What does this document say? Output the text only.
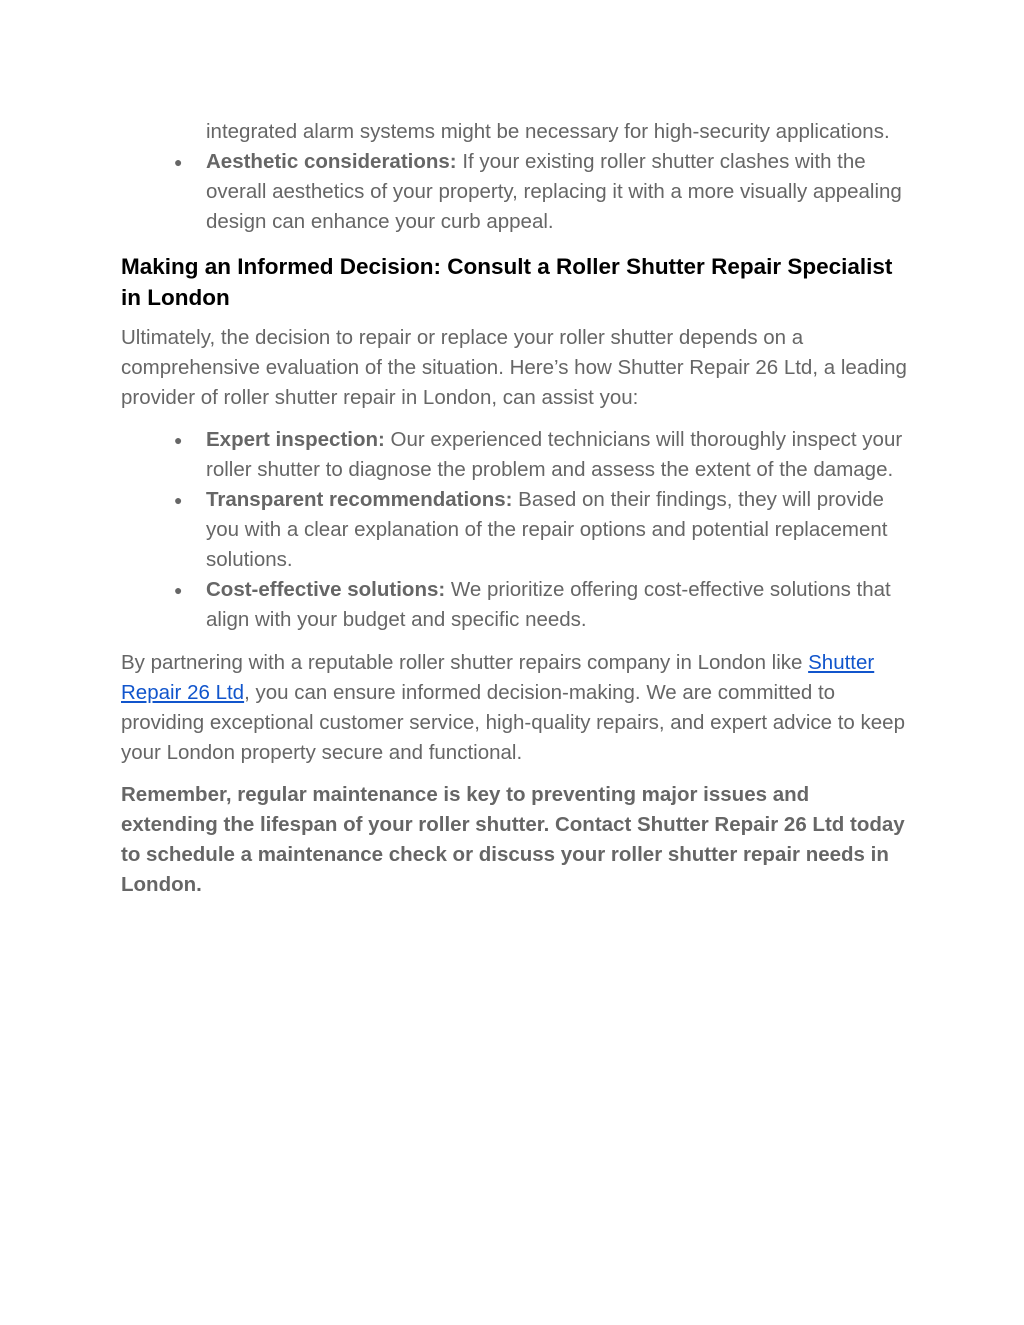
integrated alarm systems might be necessary for high-security applications.

● Aesthetic considerations: If your existing roller shutter clashes with the overall aesthetics of your property, replacing it with a more visually appealing design can enhance your curb appeal.
Making an Informed Decision: Consult a Roller Shutter Repair Specialist in London

Ultimately, the decision to repair or replace your roller shutter depends on a comprehensive evaluation of the situation. Here’s how Shutter Repair 26 Ltd, a leading provider of roller shutter repair in London, can assist you:

● Expert inspection: Our experienced technicians will thoroughly inspect your roller shutter to diagnose the problem and assess the extent of the damage.
● Transparent recommendations: Based on their findings, they will provide you with a clear explanation of the repair options and potential replacement solutions.
● Cost-effective solutions: We prioritize offering cost-effective solutions that align with your budget and specific needs.

By partnering with a reputable roller shutter repairs company in London like Shutter Repair 26 Ltd, you can ensure informed decision-making. We are committed to providing exceptional customer service, high-quality repairs, and expert advice to keep your London property secure and functional.

Remember, regular maintenance is key to preventing major issues and extending the lifespan of your roller shutter. Contact Shutter Repair 26 Ltd today to schedule a maintenance check or discuss your roller shutter repair needs in London.
